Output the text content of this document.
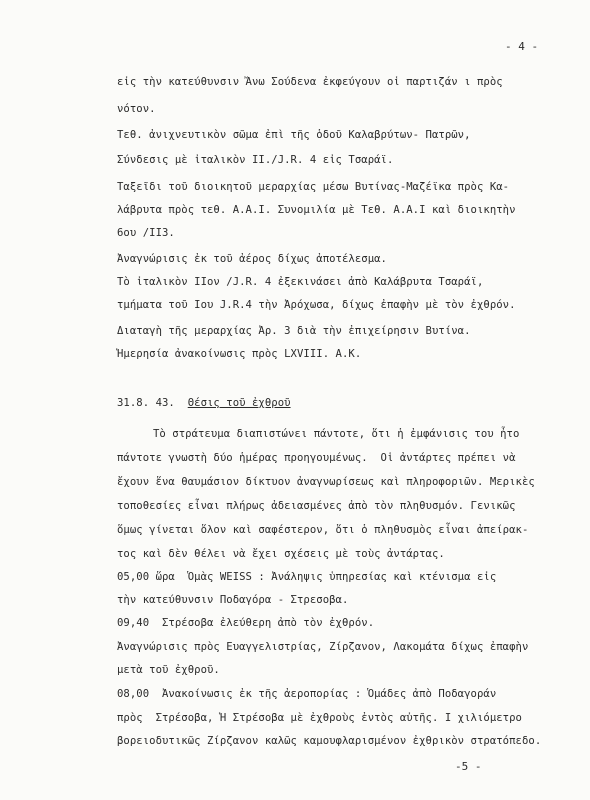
- 4 -
εἰς τὴν κατεύθυνσιν Ἄνω Σούδενα ἐκφεύγουν οἱ παρτιζάν ι πρὸς
νότον.
Τεθ. ἀνιχνευτικὸν σῶμα ἐπὶ τῆς ὁδοῦ Καλαβρύτων- Πατρῶν,
Σύνδεσις μὲ ἰταλικὸν ΙΙ./J.R. 4 εἰς Τσαράϊ.
Ταξεῖδι τοῦ διοικητοῦ μεραρχίας μέσω Βυτίνας-Μαζέϊκα πρὸς Κα-
λάβρυτα πρὸς τεθ. Α.Α.Ι. Συνομιλία μὲ Τεθ. Α.Α.Ι καὶ διοικητὴν
6ου /ΙΙ3.
Ἀναγνώρισις ἐκ τοῦ ἀέρος δίχως ἀποτέλεσμα.
Τὸ ἰταλικὸν ΙΙον /J.R. 4 ἐξεκινάσει ἀπὸ Καλάβρυτα Τσαράϊ,
τμήματα τοῦ Ιου J.R.4 τὴν Ἀρόχωσα, δίχως ἐπαφὴν μὲ τὸν ἐχθρόν.
Διαταγὴ τῆς μεραρχίας Ἀρ. 3 διὰ τὴν ἐπιχείρησιν Βυτίνα.
Ἡμερησία ἀνακοίνωσις πρὸς LXVIII. Α.Κ.
31.8. 43. Θέσις τοῦ ἐχθροῦ
Τὸ στράτευμα διαπιστώνει πάντοτε, ὅτι ἡ ἐμφάνισις του ἦτο
πάντοτε γνωστὴ δύο ἡμέρας προηγουμένως.  Οἱ ἀντάρτες πρέπει νὰ
ἔχουν ἕνα θαυμάσιον δίκτυον ἀναγνωρίσεως καὶ πληροφοριῶν. Μερικὲς
τοποθεσίες εἶναι πλήρως ἀδειασμένες ἀπὸ τὸν πληθυσμόν. Γενικῶς
ὅμως γίνεται ὅλον καὶ σαφέστερον, ὅτι ὁ πληθυσμὸς εἶναι ἀπείρακ-
τος καὶ δὲν θέλει νὰ ἔχει σχέσεις μὲ τοὺς ἀντάρτας.
05,00 ὥρα  Ὁμὰς WEISS : Ἀνάληψις ὑπηρεσίας καὶ κτένισμα εἰς
τὴν κατεύθυνσιν Ποδαγόρα - Στρεσοβα.
09,40  Στρέσοβα ἐλεύθερη ἀπὸ τὸν ἐχθρόν.
Ἀναγνώρισις πρὸς Ευαγγελιστρίας, Ζίρζανον, Λακομάτα δίχως ἐπαφὴν
μετὰ τοῦ ἐχθροῦ.
08,00  Ἀνακοίνωσις ἐκ τῆς ἀεροπορίας : Ὁμάδες ἀπὸ Ποδαγοράν
πρὸς  Στρέσοβα, Ἡ Στρέσοβα μὲ ἐχθροὺς ἐντὸς αὐτῆς. Ι χιλιόμετρο
βορειοδυτικῶς Ζίρζανον καλῶς καμουφλαρισμένον ἐχθρικὸν στρατόπεδο.
-5 -
